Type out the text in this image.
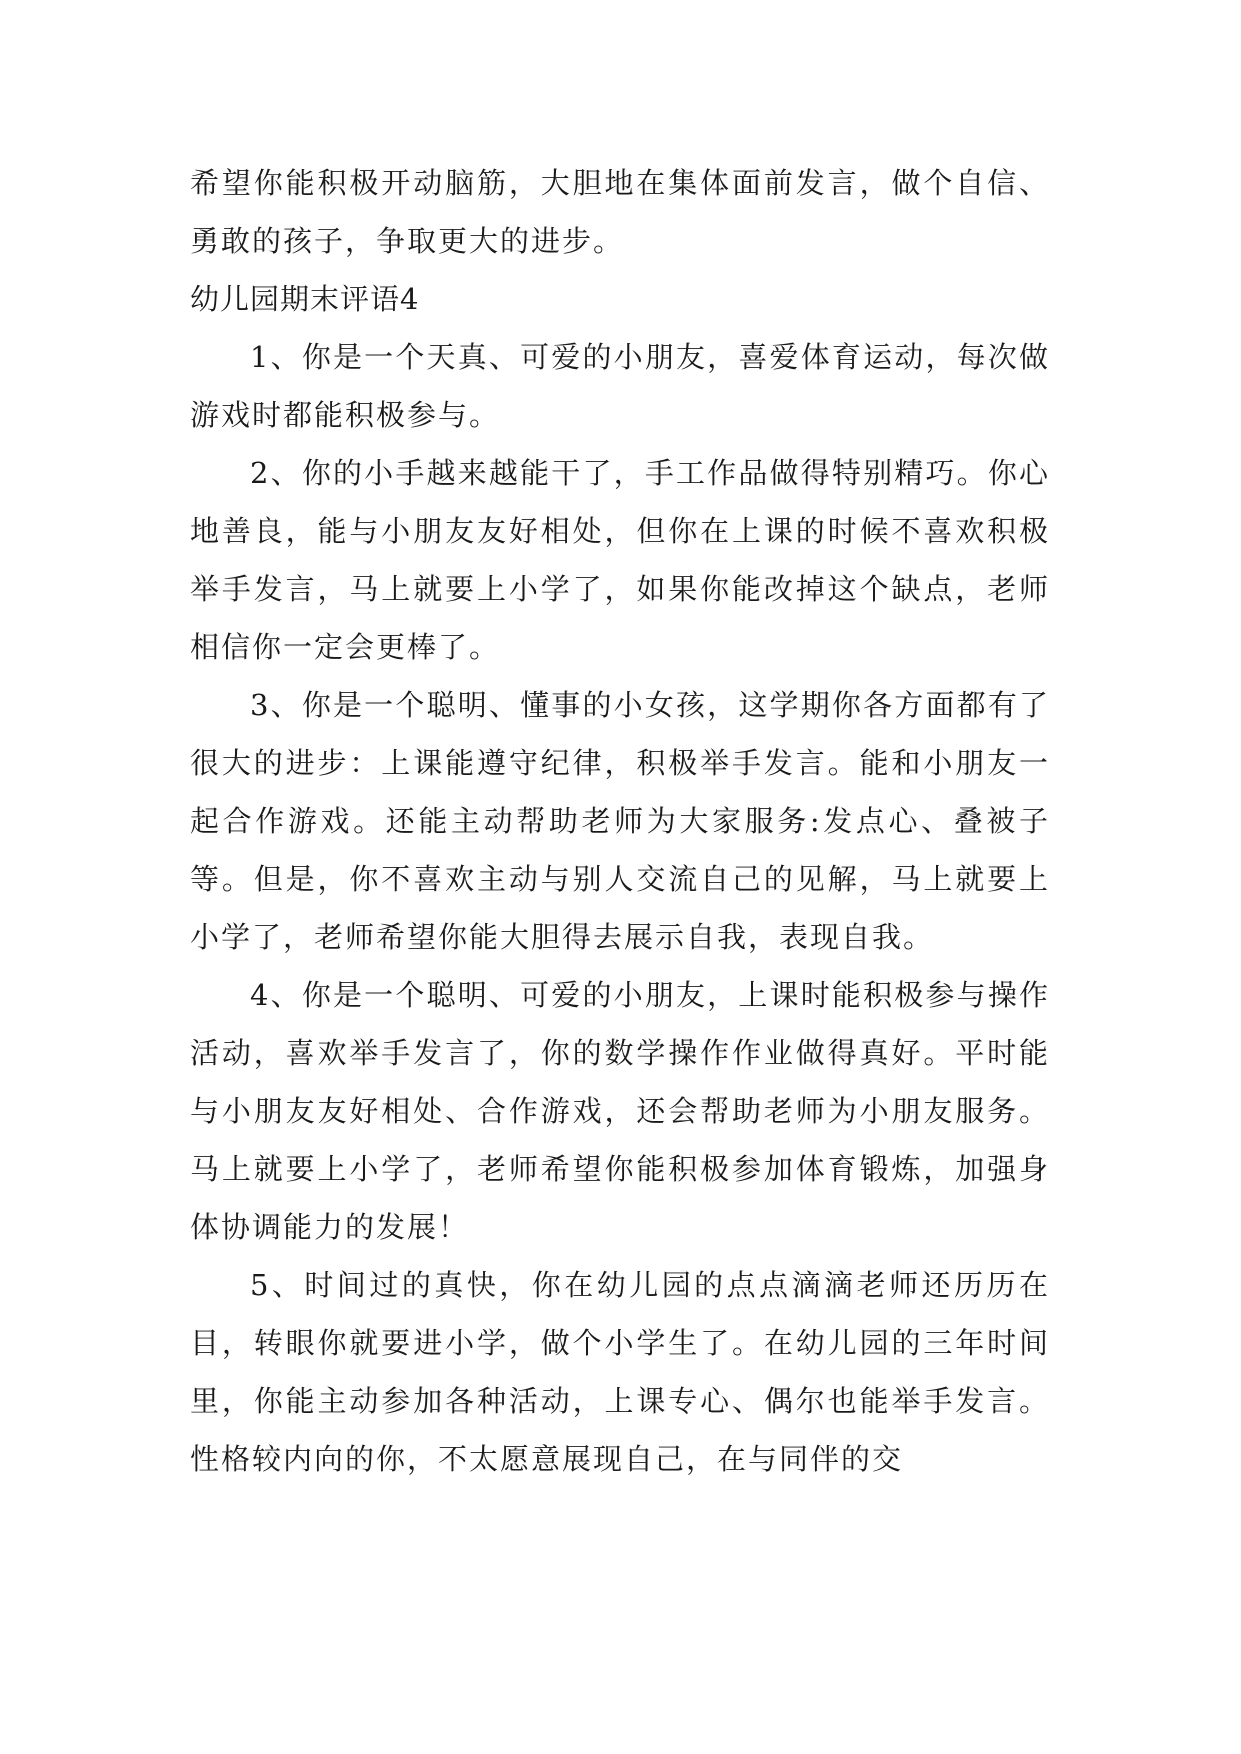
希望你能积极开动脑筋，大胆地在集体面前发言，做个自信、勇敢的孩子，争取更大的进步。

幼儿园期末评语4

1、你是一个天真、可爱的小朋友，喜爱体育运动，每次做游戏时都能积极参与。

2、你的小手越来越能干了，手工作品做得特别精巧。你心地善良，能与小朋友友好相处，但你在上课的时候不喜欢积极举手发言，马上就要上小学了，如果你能改掉这个缺点，老师相信你一定会更棒了。

3、你是一个聪明、懂事的小女孩，这学期你各方面都有了很大的进步：上课能遵守纪律，积极举手发言。能和小朋友一起合作游戏。还能主动帮助老师为大家服务:发点心、叠被子等。但是，你不喜欢主动与别人交流自己的见解，马上就要上小学了，老师希望你能大胆得去展示自我，表现自我。

4、你是一个聪明、可爱的小朋友，上课时能积极参与操作活动，喜欢举手发言了，你的数学操作作业做得真好。平时能与小朋友友好相处、合作游戏，还会帮助老师为小朋友服务。马上就要上小学了，老师希望你能积极参加体育锻炼，加强身体协调能力的发展！

5、时间过的真快，你在幼儿园的点点滴滴老师还历历在目，转眼你就要进小学，做个小学生了。在幼儿园的三年时间里，你能主动参加各种活动，上课专心、偶尔也能举手发言。性格较内向的你，不太愿意展现自己，在与同伴的交
